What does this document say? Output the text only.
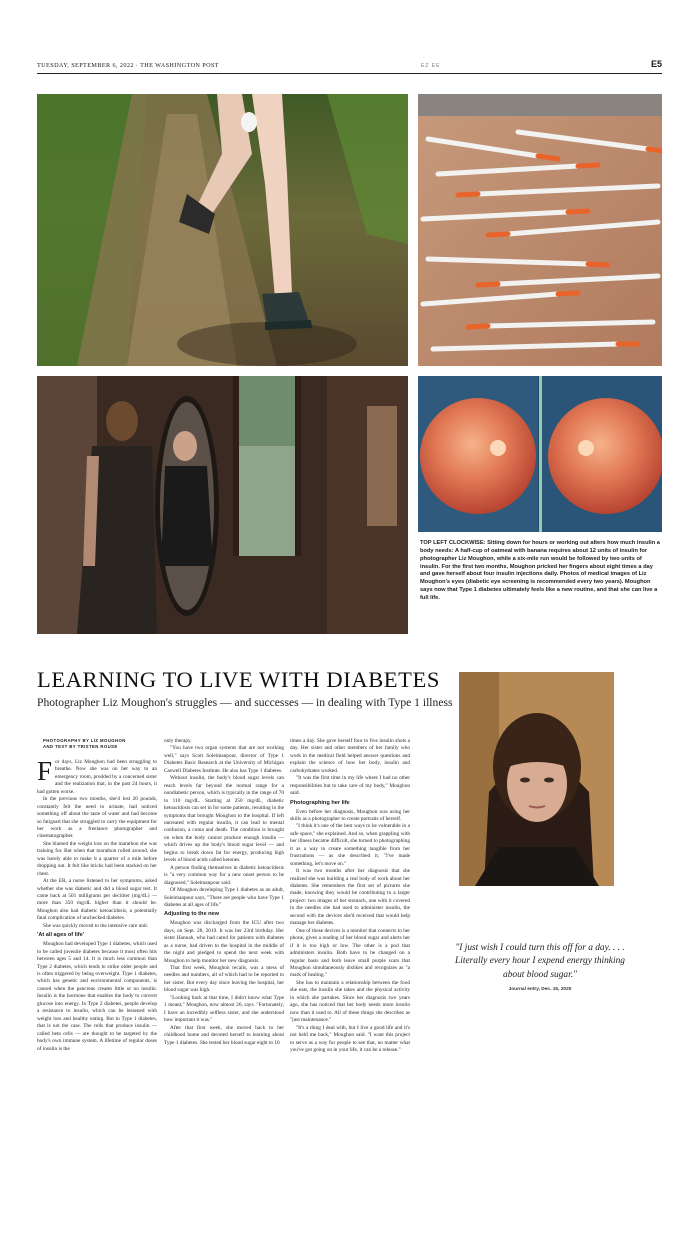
TUESDAY, SEPTEMBER 6, 2022 · THE WASHINGTON POST	EZ EE	E5
TOP LEFT CLOCKWISE: Sitting down for hours or working out alters how much insulin a body needs: A half-cup of oatmeal with banana requires about 12 units of insulin for photographer Liz Moughon, while a six-mile run would be followed by two units of insulin. For the first two months, Moughon pricked her fingers about eight times a day and gave herself about four insulin injections daily. Photos of medical images of Liz Moughon's eyes (diabetic eye screening is recommended every two years). Moughon says now that Type 1 diabetes ultimately feels like a new routine, and that she can live a full life.
LEARNING TO LIVE WITH DIABETES
Photographer Liz Moughon's struggles — and successes — in dealing with Type 1 illness
"I just wish I could turn this off for a day. . . . Literally every hour I expend energy thinking about blood sugar."
Journal entry, Dec. 15, 2020
PHOTOGRAPHY BY LIZ MOUGHON
AND TEXT BY TRISTEN ROUSE

For days, Liz Moughon had been struggling to breathe. Now she was on her way to an emergency room, prodded by a concerned sister and the realization that, in the past 24 hours, it had gotten worse.

In the previous two months, she'd lost 20 pounds, constantly felt the need to urinate, had noticed something off about the taste of water and had become so fatigued that she struggled to carry the equipment for her work as a freelance photographer and cinematographer.

She blamed the weight loss on the marathon she was training for. But when that marathon rolled around, she was barely able to make it a quarter of a mile before dropping out. It felt like bricks had been stacked on her chest.

At the ER, a nurse listened to her symptoms, asked whether she was diabetic and did a blood sugar test. It came back at 501 milligrams per deciliter (mg/dL) — more than 350 mg/dL higher than it should be. Moughon also had diabetic ketoacidosis, a potentially fatal complication of unchecked diabetes.

She was quickly moved to the intensive care unit.

'At all ages of life'

Moughon had developed Type 1 diabetes, which used to be called juvenile diabetes because it most often hits between ages 5 and 14. It is much less common than Type 2 diabetes, which tends to strike older people and is often triggered by being overweight. Type 1 diabetes, which has genetic and environmental components, is caused when the pancreas creates little or no insulin. Insulin is the hormone that enables the body to convert glucose into energy. In Type 2 diabetes, people develop a resistance to insulin, which can be lessened with weight loss and healthy eating. But in Type 1 diabetes, that is not the case. The cells that produce insulin — called beta cells — are thought to be targeted by the body's own immune system. A lifetime of regular doses of insulin is the

only therapy.

"You have two organ systems that are not working well," says Scott Soleimanpour, director of Type 1 Diabetes Basic Research at the University of Michigan Caswell Diabetes Institute. He also has Type 1 diabetes.

Without insulin, the body's blood sugar levels can reach levels far beyond the normal range for a nondiabetic person, which is typically in the range of 70 to 110 mg/dL. Starting at 250 mg/dL, diabetic ketoacidosis can set in for some patients, resulting in the symptoms that brought Moughon to the hospital. If left untreated with regular insulin, it can lead to mental confusion, a coma and death. The condition is brought on when the body cannot produce enough insulin — which drives up the body's blood sugar level — and begins to break down fat for energy, producing high levels of blood acids called ketones.

A person finding themselves in diabetic ketoacidosis is "a very common way for a new onset person to be diagnosed," Soleimanpour said.

Of Moughon developing Type 1 diabetes as an adult, Soleimanpour says, "There are people who have Type 1 diabetes at all ages of life."

Adjusting to the new

Moughon was discharged from the ICU after two days, on Sept. 28, 2019. It was her 23rd birthday. Her sister Hannah, who had cared for patients with diabetes as a nurse, had driven to the hospital in the middle of the night and pledged to spend the next week with Moughon to help monitor her new diagnosis.

That first week, Moughon recalls, was a mess of needles and numbers, all of which had to be reported to her sister. But every day since leaving the hospital, her blood sugar was high.

"Looking back at that time, I didn't know what Type 1 meant," Moughon, now almost 26, says. "Fortunately, I have an incredibly selfless sister, and she understood how important it was."

After that first week, she moved back to her childhood home and devoted herself to learning about Type 1 diabetes. She tested her blood sugar eight to 10

times a day. She gave herself four to five insulin shots a day. Her sister and other members of her family who work in the medical field helped answer questions and explain the science of how her body, insulin and carbohydrates worked.

"It was the first time in my life where I had no other responsibilities but to take care of my body," Moughon said.

Photographing her life

Even before her diagnosis, Moughon was using her skills as a photographer to create portraits of herself.

"I think it's one of the best ways to be vulnerable in a safe space," she explained. And so, when grappling with her illness became difficult, she turned to photographing it as a way to create something tangible from her frustrations — as she described it, "I've made something, let's move on."

It was two months after her diagnosis that she realized she was building a real body of work about her diabetes. She remembers the first set of pictures she made, knowing they would be contributing to a larger project: two images of her stomach, one with it covered in the needles she had used to administer insulin, the second with the devices she'd received that would help manage her diabetes.

One of those devices is a monitor that connects to her phone, gives a reading of her blood sugar and alerts her if it is too high or low. The other is a pod that administers insulin. Both have to be changed on a regular basis and both leave small purple scars that Moughon simultaneously dislikes and recognizes as "a mark of healing."

She has to maintain a relationship between the food she eats, the insulin she takes and the physical activity in which she partakes. Since her diagnosis two years ago, she has noticed that her body needs more insulin now than it used to. All of these things she describes as "just maintenance."

"It's a thing I deal with, but I live a good life and it's not held me back," Moughon said. "I want this project to serve as a way for people to see that, no matter what you've got going on in your life, it can be a release."
